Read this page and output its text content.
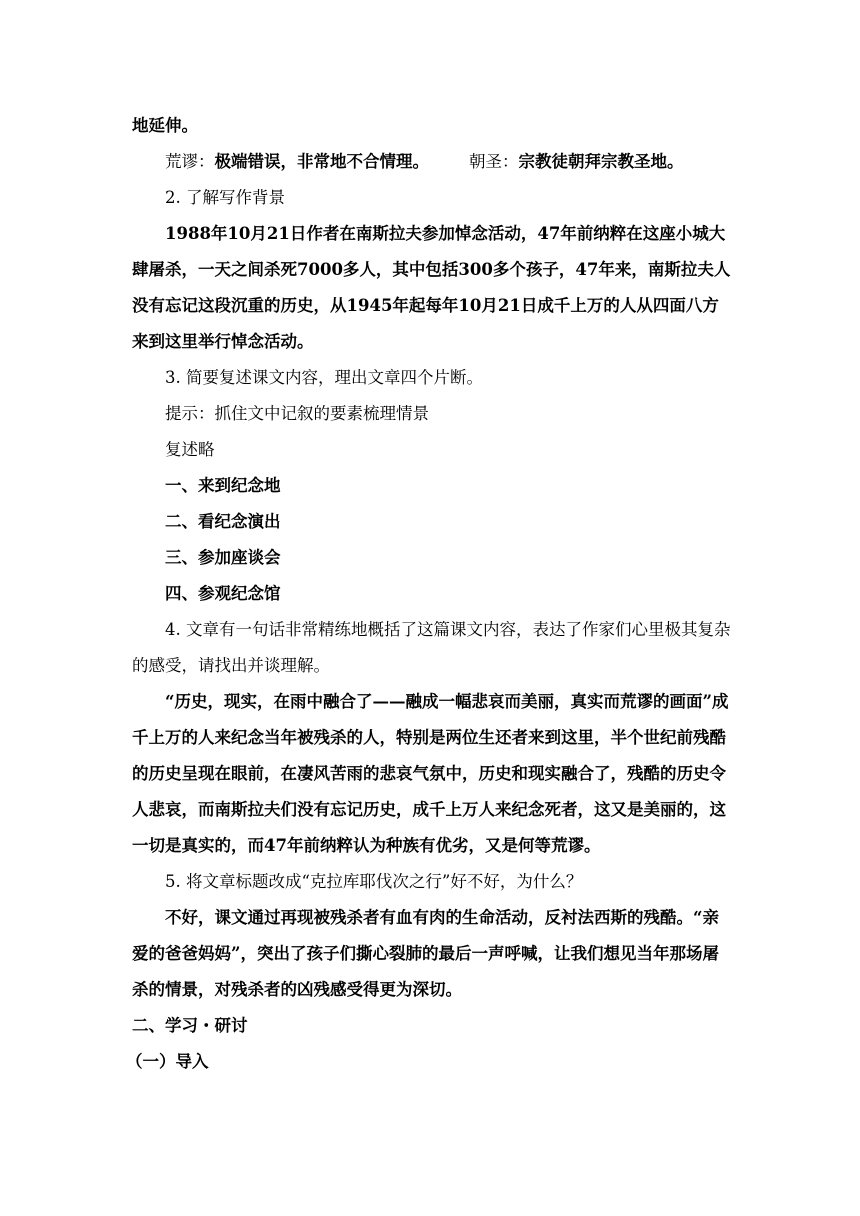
地延伸。

荒谬：极端错误，非常地不合情理。 朝圣：宗教徒朝拜宗教圣地。

2. 了解写作背景

1988年10月21日作者在南斯拉夫参加悼念活动，47年前纳粹在这座小城大肆屠杀，一天之间杀死7000多人，其中包括300多个孩子，47年来，南斯拉夫人没有忘记这段沉重的历史，从1945年起每年10月21日成千上万的人从四面八方来到这里举行悼念活动。

3. 简要复述课文内容，理出文章四个片断。

提示：抓住文中记叙的要素梳理情景

复述略

一、来到纪念地

二、看纪念演出

三、参加座谈会

四、参观纪念馆

4. 文章有一句话非常精练地概括了这篇课文内容，表达了作家们心里极其复杂的感受，请找出并谈理解。

“历史，现实，在雨中融合了——融成一幅悲哀而美丽，真实而荒谬的画面”成千上万的人来纪念当年被残杀的人，特别是两位生还者来到这里，半个世纪前残酷的历史呈现在眼前，在凄风苦雨的悲哀气氛中，历史和现实融合了，残酷的历史令人悲哀，而南斯拉夫们没有忘记历史，成千上万人来纪念死者，这又是美丽的，这一切是真实的，而47年前纳粹认为种族有优劣，又是何等荒谬。

5. 将文章标题改成“克拉库耶伐次之行”好不好，为什么？

不好，课文通过再现被残杀者有血有肉的生命活动，反衬法西斯的残酷。“亲爱的爸爸妈妈”，突出了孩子们撕心裂肺的最后一声呼喊，让我们想见当年那场屠杀的情景，对残杀者的凶残感受得更为深切。

二、学习・研讨

（一）导入
